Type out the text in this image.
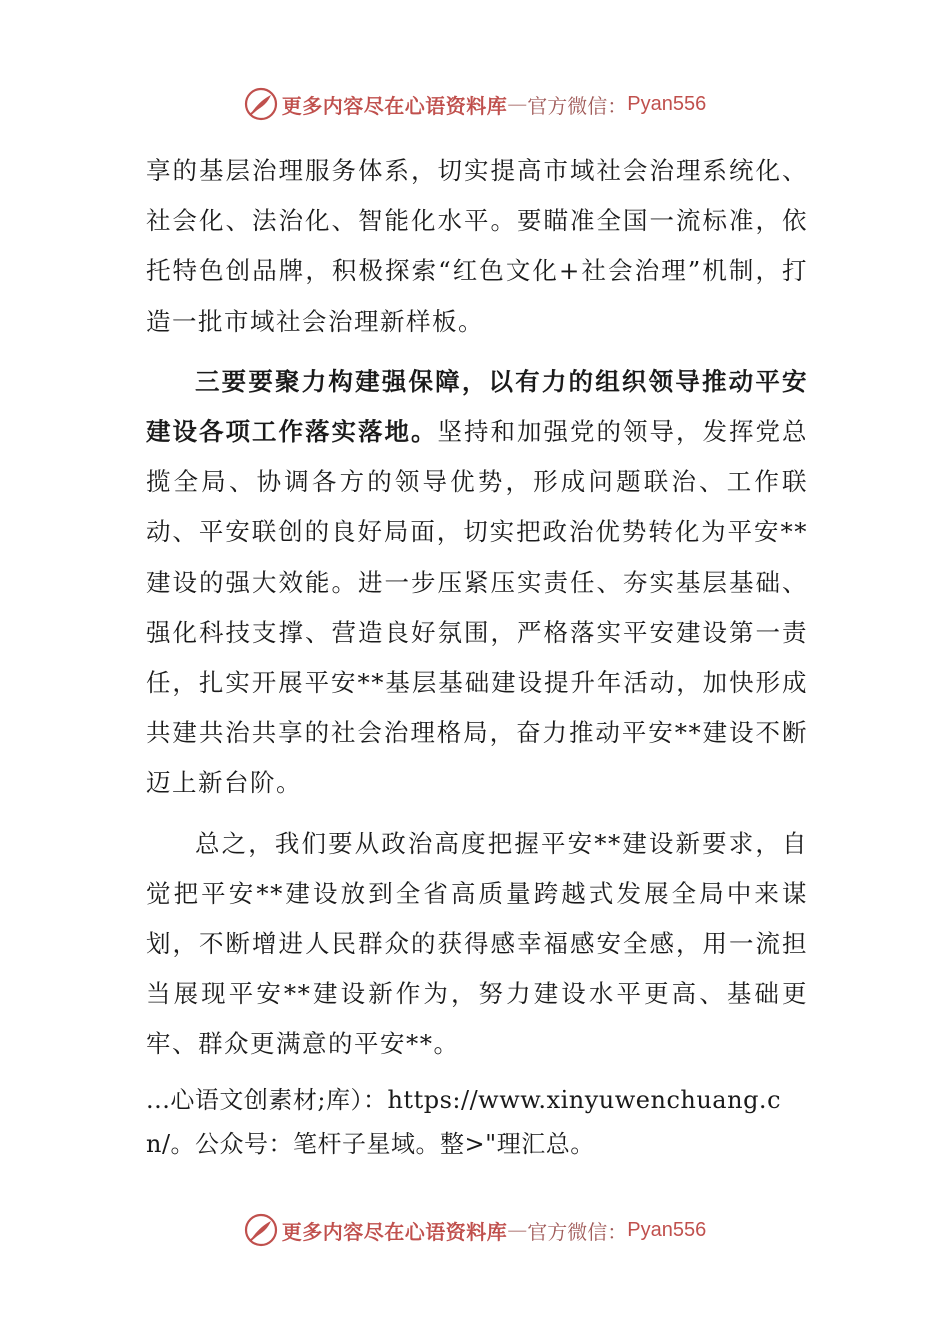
更多内容尽在心语资料库 — 官方微信： Pyan556

享的基层治理服务体系，切实提高市域社会治理系统化、社会化、法治化、智能化水平。要瞄准全国一流标准，依托特色创品牌，积极探索“红色文化+社会治理”机制，打造一批市域社会治理新样板。

三要要聚力构建强保障，以有力的组织领导推动平安建设各项工作落实落地。坚持和加强党的领导，发挥党总揽全局、协调各方的领导优势，形成问题联治、工作联动、平安联创的良好局面，切实把政治优势转化为平安**建设的强大效能。进一步压紧压实责任、夯实基层基础、强化科技支撑、营造良好氛围，严格落实平安建设第一责任，扎实开展平安**基层基础建设提升年活动，加快形成共建共治共享的社会治理格局，奋力推动平安**建设不断迈上新台阶。

总之，我们要从政治高度把握平安**建设新要求，自觉把平安**建设放到全省高质量跨越式发展全局中来谋划，不断增进人民群众的获得感幸福感安全感，用一流担当展现平安**建设新作为，努力建设水平更高、基础更牢、群众更满意的平安**。

...心语文创素材;库）：https://www.xinyuwenchuang.cn/。公众号：笔杆子星域。整>"理汇总。

更多内容尽在心语资料库 — 官方微信： Pyan556
